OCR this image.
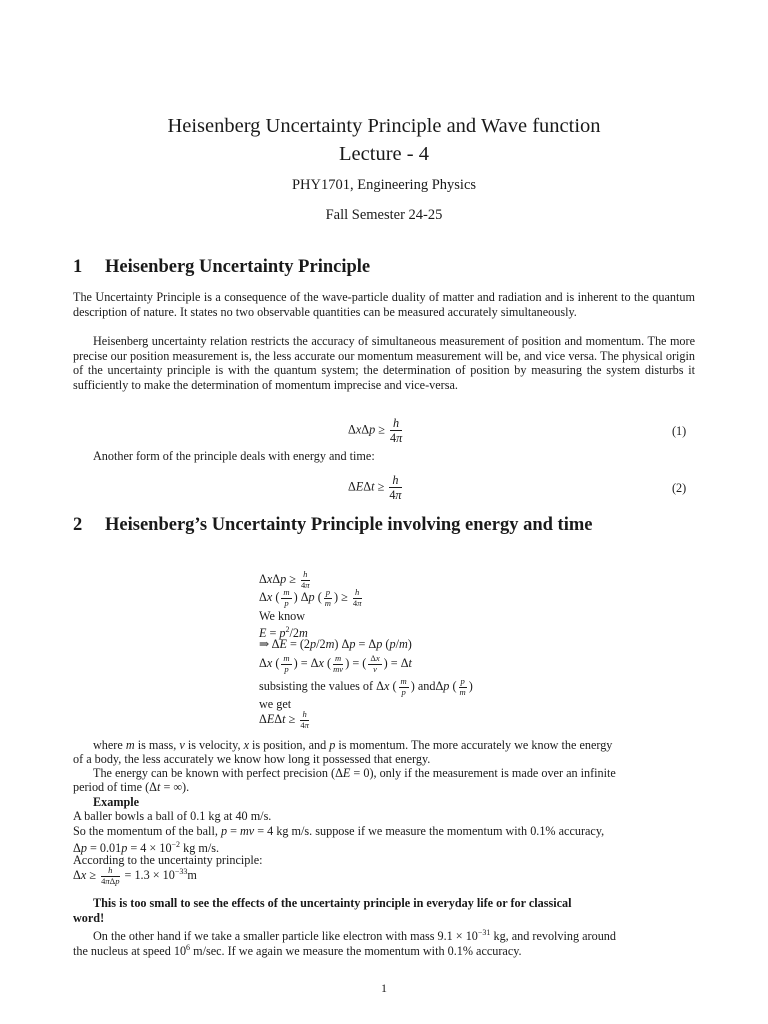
Heisenberg Uncertainty Principle and Wave function
Lecture - 4
PHY1701, Engineering Physics
Fall Semester 24-25
1 Heisenberg Uncertainty Principle
The Uncertainty Principle is a consequence of the wave-particle duality of matter and radiation and is inherent to the quantum description of nature. It states no two observable quantities can be measured accurately simultaneously.
Heisenberg uncertainty relation restricts the accuracy of simultaneous measurement of position and momentum. The more precise our position measurement is, the less accurate our momentum measurement will be, and vice versa. The physical origin of the uncertainty principle is with the quantum system; the determination of position by measuring the system disturbs it sufficiently to make the determination of momentum imprecise and vice-versa.
$\Delta x\Delta p \ge \frac{h}{4\pi}$	(1)
Another form of the principle deals with energy and time:
$\Delta E\Delta t \ge \frac{h}{4\pi}$	(2)
2 Heisenberg’s Uncertainty Principle involving energy and time
$\Delta x\Delta p \ge \frac{h}{4\pi}$
Δx ( $\frac{m}{p}$ ) Δp ( $\frac{p}{m}$ ) ≥ $\frac{h}{4\pi}$
We know
$E = p^2/2m$
⇒ ΔE = (2p/2m) Δp = Δp (p/m)
Δx ( $\frac{m}{p}$ ) = Δx ( $\frac{m}{mv}$ ) = ( $\frac{\Delta x}{v}$ ) = Δt
subsisting the values of Δx ( $\frac{m}{p}$ ) andΔp ( $\frac{p}{m}$ )
we get
$\Delta E\Delta t \ge \frac{h}{4\pi}$
where m is mass, v is velocity, x is position, and p is momentum. The more accurately we know the energy
of a body, the less accurately we know how long it possessed that energy.
The energy can be known with perfect precision (ΔE = 0), only if the measurement is made over an infinite
period of time (Δt = ∞).
Example
A baller bowls a ball of 0.1 kg at 40 m/s.
So the momentum of the ball, p = mv = 4 kg m/s. suppose if we measure the momentum with 0.1% accuracy,
$\Delta p = 0.01p = 4 \times 10^{-2}$ kg m/s.
According to the uncertainty principle:
$\Delta x \ge \frac{h}{\text{4πΔp}} = 1.3 \times 10^{-33}m$
This is too small to see the effects of the uncertainty principle in everyday life or for classical
word!
On the other hand if we take a smaller particle like electron with mass $9.1 \times 10^{-31}$ kg, and revolving around
the nucleus at speed $10^6$ m/sec. If we again we measure the momentum with 0.1% accuracy.
1
